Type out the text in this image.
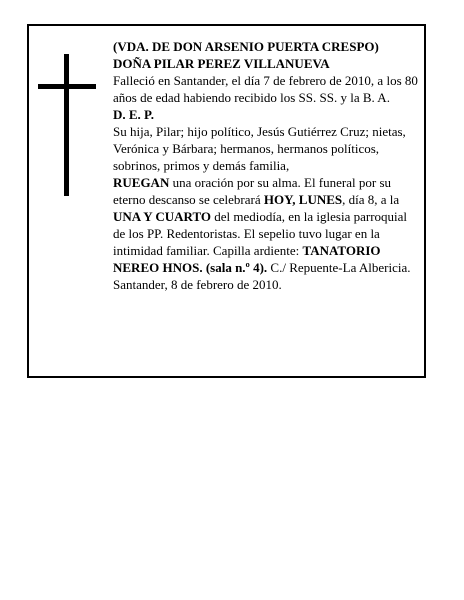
(VDA. DE DON ARSENIO PUERTA CRESPO)

DOÑA PILAR PEREZ VILLANUEVA

Falleció en Santander, el día 7 de febrero de 2010, a los 80 años de edad habiendo recibido los SS. SS. y la B. A.

D. E. P.

Su hija, Pilar; hijo político, Jesús Gutiérrez Cruz; nietas, Verónica y Bárbara; hermanos, hermanos políticos, sobrinos, primos y demás familia,

RUEGAN una oración por su alma. El funeral por su eterno descanso se celebrará HOY, LUNES, día 8, a la UNA Y CUARTO del mediodía, en la iglesia parroquial de los PP. Redentoristas. El sepelio tuvo lugar en la intimidad familiar. Capilla ardiente: TANATORIO NEREO HNOS. (sala n.º 4). C./ Repuente-La Albericia.

Santander, 8 de febrero de 2010.
